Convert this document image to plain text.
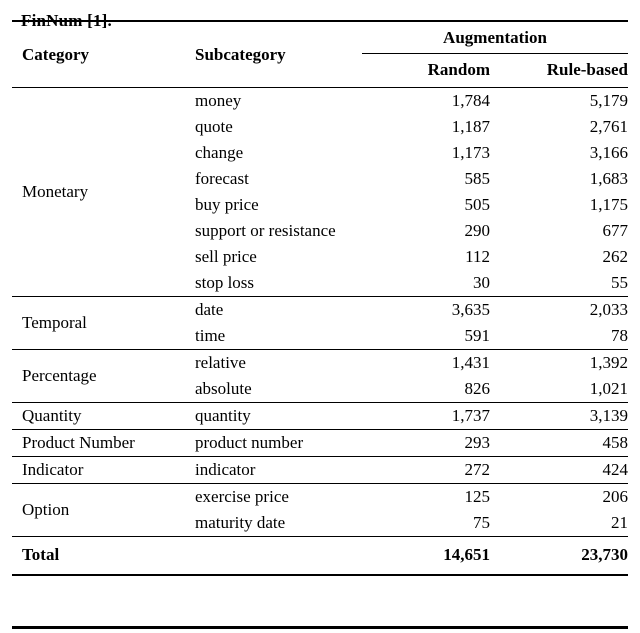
FinNum [1].
Category	Subcategory	Augmentation	
		Random	Rule-based
Monetary	money	1,784	5,179
	quote	1,187	2,761
	change	1,173	3,166
	forecast	585	1,683
	buy price	505	1,175
	support or resistance	290	677
	sell price	112	262
	stop loss	30	55
Temporal	date	3,635	2,033
	time	591	78
Percentage	relative	1,431	1,392
	absolute	826	1,021
Quantity	quantity	1,737	3,139
Product Number	product number	293	458
Indicator	indicator	272	424
Option	exercise price	125	206
	maturity date	75	21
Total		14,651	23,730
